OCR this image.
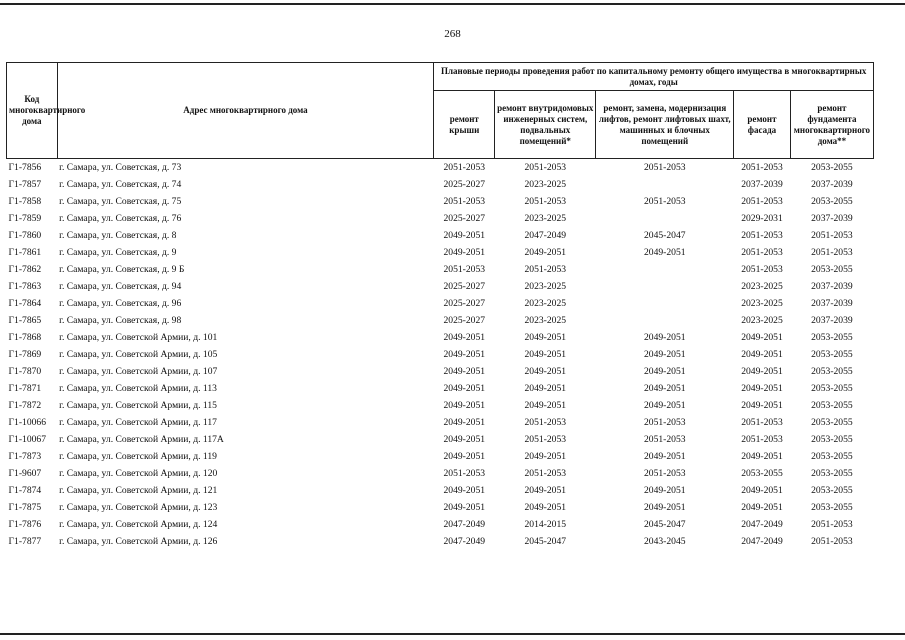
268
Код многоквартирного дома	Адрес многоквартирного дома	Плановые периоды проведения работ по капитальному ремонту общего имущества в многоквартирных домах, годы				
		ремонт крыши	ремонт внутридомовых инженерных систем, подвальных помещений*	ремонт, замена, модернизация лифтов, ремонт лифтовых шахт, машинных и блочных помещений	ремонт фасада	ремонт фундамента многоквартирного дома**
Г1-7856	г. Самара, ул. Советская, д. 73	2051-2053	2051-2053	2051-2053	2051-2053	2053-2055
Г1-7857	г. Самара, ул. Советская, д. 74	2025-2027	2023-2025		2037-2039	2037-2039
Г1-7858	г. Самара, ул. Советская, д. 75	2051-2053	2051-2053	2051-2053	2051-2053	2053-2055
Г1-7859	г. Самара, ул. Советская, д. 76	2025-2027	2023-2025		2029-2031	2037-2039
Г1-7860	г. Самара, ул. Советская, д. 8	2049-2051	2047-2049	2045-2047	2051-2053	2051-2053
Г1-7861	г. Самара, ул. Советская, д. 9	2049-2051	2049-2051	2049-2051	2051-2053	2051-2053
Г1-7862	г. Самара, ул. Советская, д. 9 Б	2051-2053	2051-2053		2051-2053	2053-2055
Г1-7863	г. Самара, ул. Советская, д. 94	2025-2027	2023-2025		2023-2025	2037-2039
Г1-7864	г. Самара, ул. Советская, д. 96	2025-2027	2023-2025		2023-2025	2037-2039
Г1-7865	г. Самара, ул. Советская, д. 98	2025-2027	2023-2025		2023-2025	2037-2039
Г1-7868	г. Самара, ул. Советской Армии, д. 101	2049-2051	2049-2051	2049-2051	2049-2051	2053-2055
Г1-7869	г. Самара, ул. Советской Армии, д. 105	2049-2051	2049-2051	2049-2051	2049-2051	2053-2055
Г1-7870	г. Самара, ул. Советской Армии, д. 107	2049-2051	2049-2051	2049-2051	2049-2051	2053-2055
Г1-7871	г. Самара, ул. Советской Армии, д. 113	2049-2051	2049-2051	2049-2051	2049-2051	2053-2055
Г1-7872	г. Самара, ул. Советской Армии, д. 115	2049-2051	2049-2051	2049-2051	2049-2051	2053-2055
Г1-10066	г. Самара, ул. Советской Армии, д. 117	2049-2051	2051-2053	2051-2053	2051-2053	2053-2055
Г1-10067	г. Самара, ул. Советской Армии, д. 117А	2049-2051	2051-2053	2051-2053	2051-2053	2053-2055
Г1-7873	г. Самара, ул. Советской Армии, д. 119	2049-2051	2049-2051	2049-2051	2049-2051	2053-2055
Г1-9607	г. Самара, ул. Советской Армии, д. 120	2051-2053	2051-2053	2051-2053	2053-2055	2053-2055
Г1-7874	г. Самара, ул. Советской Армии, д. 121	2049-2051	2049-2051	2049-2051	2049-2051	2053-2055
Г1-7875	г. Самара, ул. Советской Армии, д. 123	2049-2051	2049-2051	2049-2051	2049-2051	2053-2055
Г1-7876	г. Самара, ул. Советской Армии, д. 124	2047-2049	2014-2015	2045-2047	2047-2049	2051-2053
Г1-7877	г. Самара, ул. Советской Армии, д. 126	2047-2049	2045-2047	2043-2045	2047-2049	2051-2053
